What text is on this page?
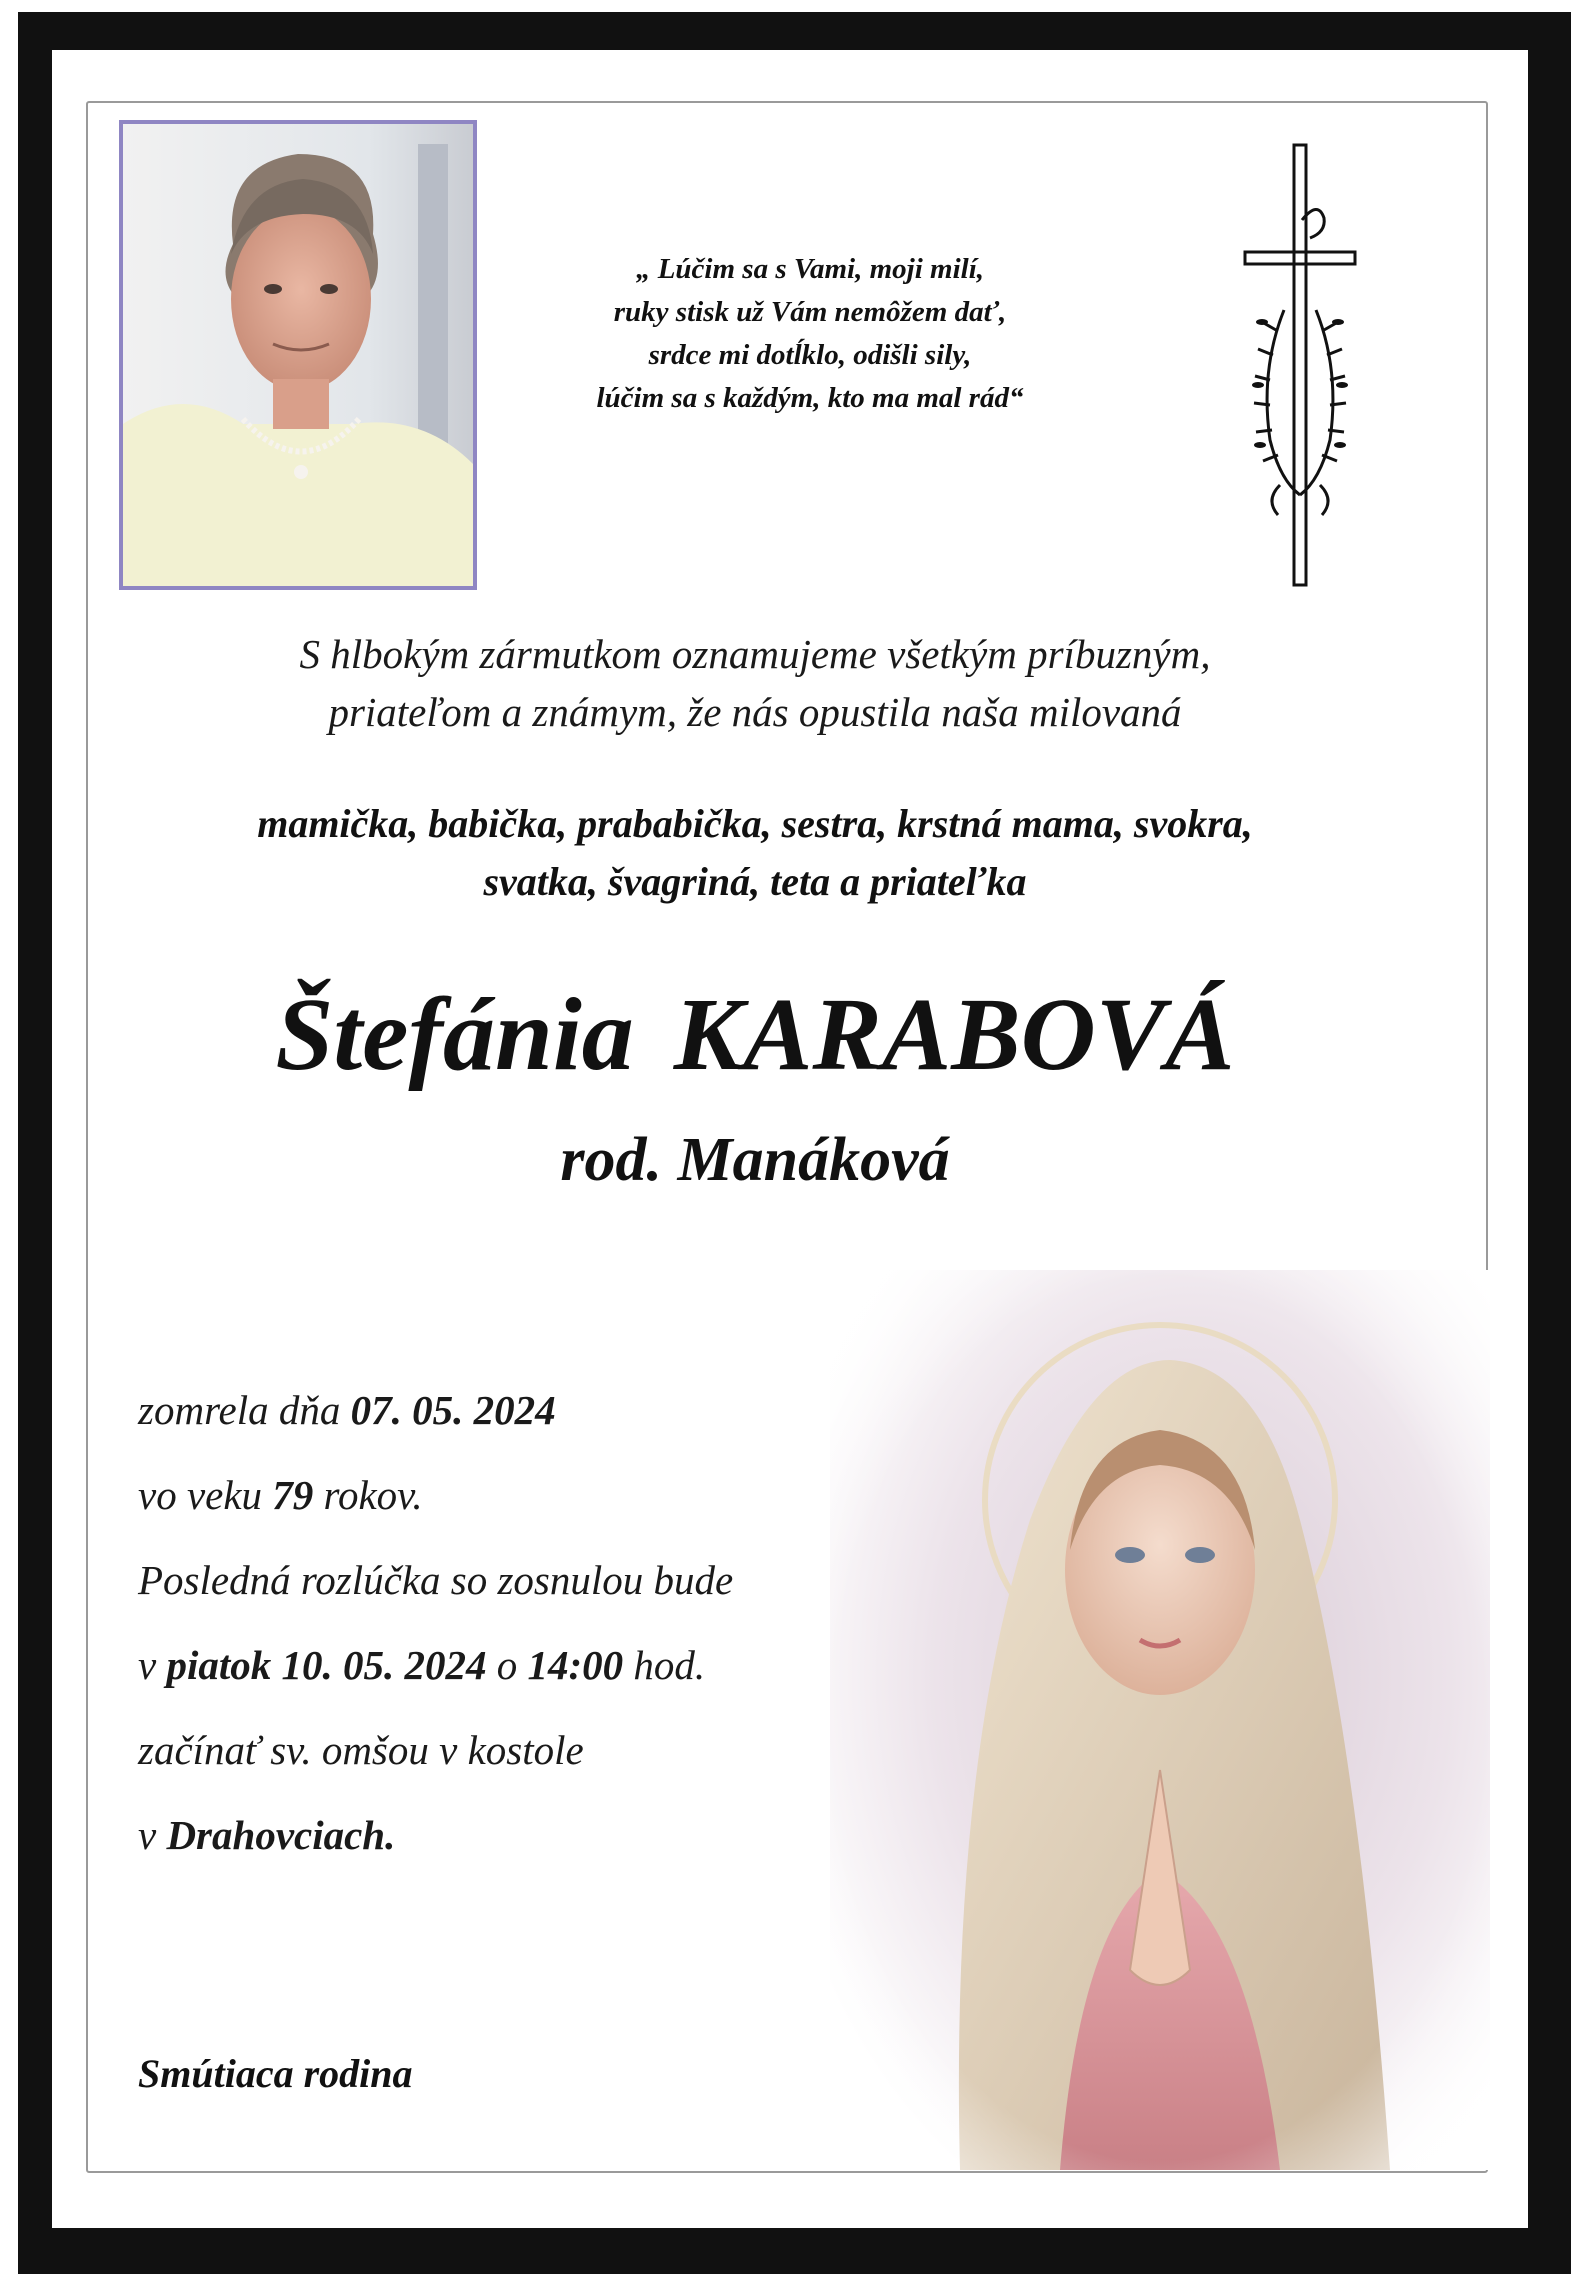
„ Lúčim sa s Vami, moji milí,
ruky stisk už Vám nemôžem dať,
srdce mi dotĺklo, odišli sily,
lúčim sa s každým, kto ma mal rád“
S hlbokým zármutkom oznamujeme všetkým príbuzným,
priateľom a známym, že nás opustila naša milovaná
mamička, babička, prababička, sestra, krstná mama, svokra,
svatka, švagriná, teta a priateľka
Štefánia KARABOVÁ
rod. Manáková
zomrela dňa 07. 05. 2024
vo veku 79 rokov.
Posledná rozlúčka so zosnulou bude
v piatok 10. 05. 2024 o 14:00 hod.
začínať sv. omšou v kostole
v Drahovciach.
Smútiaca rodina
